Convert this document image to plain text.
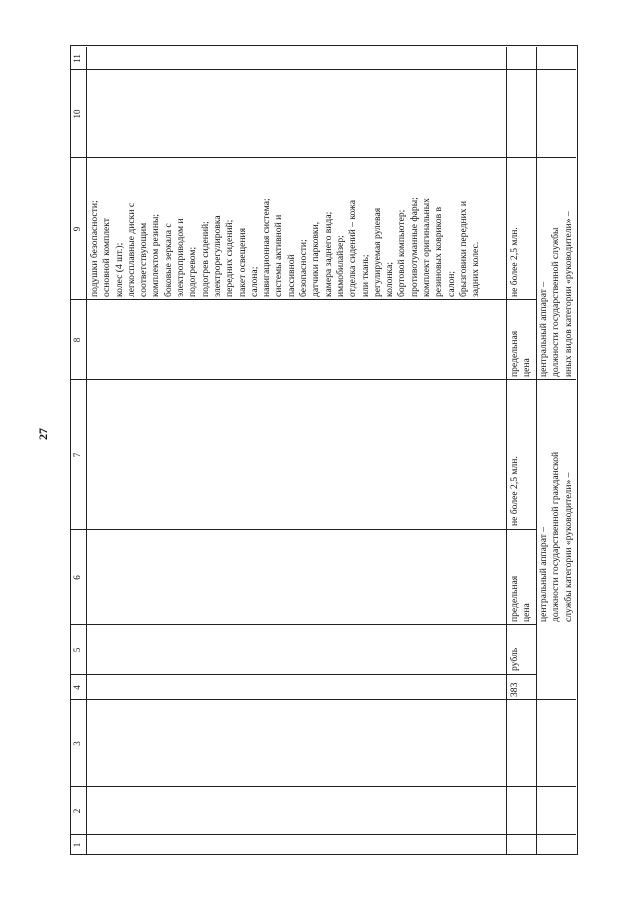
27
1
2
3
4
5
6
7
8
9
10
11
подушки безопасности; основной комплект колес (4 шт.); легкосплавные диски с соответствующим комплектом резины; боковые зеркала с электроприводом и подогревом; подогрев сидений; электрорегулировка передних сидений; пакет освещения салона; навигационная система; системы активной и пассивной безопасности; датчики парковки, камера заднего вида; иммобилайзер; отделка сидений – кожа или ткань; регулируемая рулевая колонка; бортовой компьютер; противотуманные фары; комплект оригинальных резиновых ковриков в салон; брызговики передних и задних колес.
383
рубль
предельная цена
не более 2,5 млн.
предельная цена
не более 2,5 млн.
центральный аппарат – должности государственной гражданской службы категории «руководители» –
центральный аппарат – должности государственной службы иных видов категории «руководители» –
